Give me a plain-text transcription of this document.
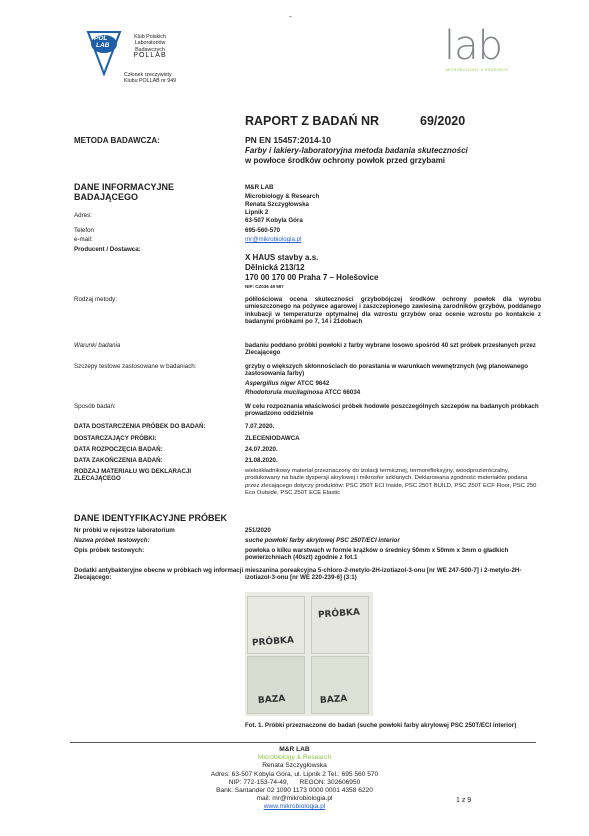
–
POL
LAB
Klub Polskich
Laboratoriów
Badawczych
POLLAB
Członek rzeczywisty
Klubu POLLAB nr 949
lab
MICROBIOLOGY & RESEARCH
RAPORT Z BADAŃ NR	69/2020
METODA BADAWCZA:	PN EN 15457:2014-10
Farby i lakiery-laboratoryjna metoda badania skuteczności
w powłoce środków ochrony powłok przed grzybami
DANE INFORMACYJNE
BADAJĄCEGO
M&R LAB
Microbiology & Research
Renata Szczygłowska
Adres:	Lipnik 2
63-507 Kobyla Góra
Telefon	695-560-570
e-mail:	mr@mikrobiologia.pl
Producent / Dostawca:
X HAUS stavby a.s.
Dělnická 213/12
170 00 170 00 Praha 7 – Holešovice
NIP: CZ036 49 997
Rodzaj metody:	półilościowa ocena skuteczności grzybobójczej środków ochrony powłok dla wyrobu umieszczonego na pożywce agarowej i zaszczepionego zawiesiną zarodników grzybów, poddanego inkubacji w temperaturze optymalnej dla wzrostu grzybów oraz ocenie wzrostu po kontakcie z badanymi próbkami po 7, 14 i 21dobach
Warunki badania	badaniu poddano próbki powłoki z farby wybrane losowo spośród 40 szt próbek przesłanych przez Zlecającego
Szczepy testowe zastosowane w badaniach:	grzyby o większych skłonnościach do porastania w warunkach wewnętrznych (wg planowanego zastosowania farby)
Aspergillus niger ATCC 9642
Rhodotorula mucilaginosa ATCC 66034
Sposób badań:	W celu rozpoznania właściwości próbek hodowle poszczególnych szczepów na badanych próbkach prowadzono oddzielnie
DATA DOSTARCZENIA PRÓBEK DO BADAŃ:	7.07.2020.
DOSTARCZAJĄCY PRÓBKI:	ZLECENIODAWCA
DATA ROZPOCZĘCIA BADAŃ:	24.07.2020.
DATA ZAKOŃCZENIA BADAŃ:	21.08.2020.
RODZAJ MATERIAŁU WG DEKLARACJI
ZLECAJĄCEGO
wielośkładnikowy materiał przeznaczony do izolacji termicznej, termorefleksyjny, woodprozieróczalny, produkowany na bazie dyspersji akrylowej i mikrosfer szklanych. Deklarowana zgodność materiałów podana przez zlecającego dotyczy produktów: PSC 250T ECI Inside, PSC 250T BUILD, PSC 250T ECF Floor, PSC 250 Eco Outside, PSC 250T ECE Elastic
DANE IDENTYFIKACYJNE PRÓBEK
Nr próbki w rejestrze laboratorium	251/2020
Nazwa próbek testowych:	suche powłoki farby akrylowej PSC 250T/ECI interior
Opis próbek testowych:	powłoka o kilku warstwach w formie krążków o średnicy 50mm x 50mm x 3mm o gładkich powierzchniach (40szt) zgodnie z fot.1
Dodatki antybakteryjne obecne w próbkach wg informacji Zlecającego:
mieszanina poreakcyjna 5-chloro-2-metylo-2H-izotiazol-3-onu [nr WE 247-500-7] i 2-metylo-2H-izotiazol-3-onu [nr WE 220-239-6] (3:1)
PRÓBKA
PRÓBKA
BAZA	BAZA
Fot. 1. Próbki przeznaczone do badań (suche powłoki farby akrylowej PSC 250T/ECI interior)
M&R LAB
Microbiology & Research
Renata Szczygłowska
Adres: 63-507 Kobyla Góra, ul. Lipnik 2 Tel.: 695 560 570
NIP: 772-153-74-49, REGON: 302606950
Bank: Santander 02 1090 1173 0000 0001 4358 6220
mail: mr@mikrobiologia.pl
www.mikrobiologia.pl
1 z 9
